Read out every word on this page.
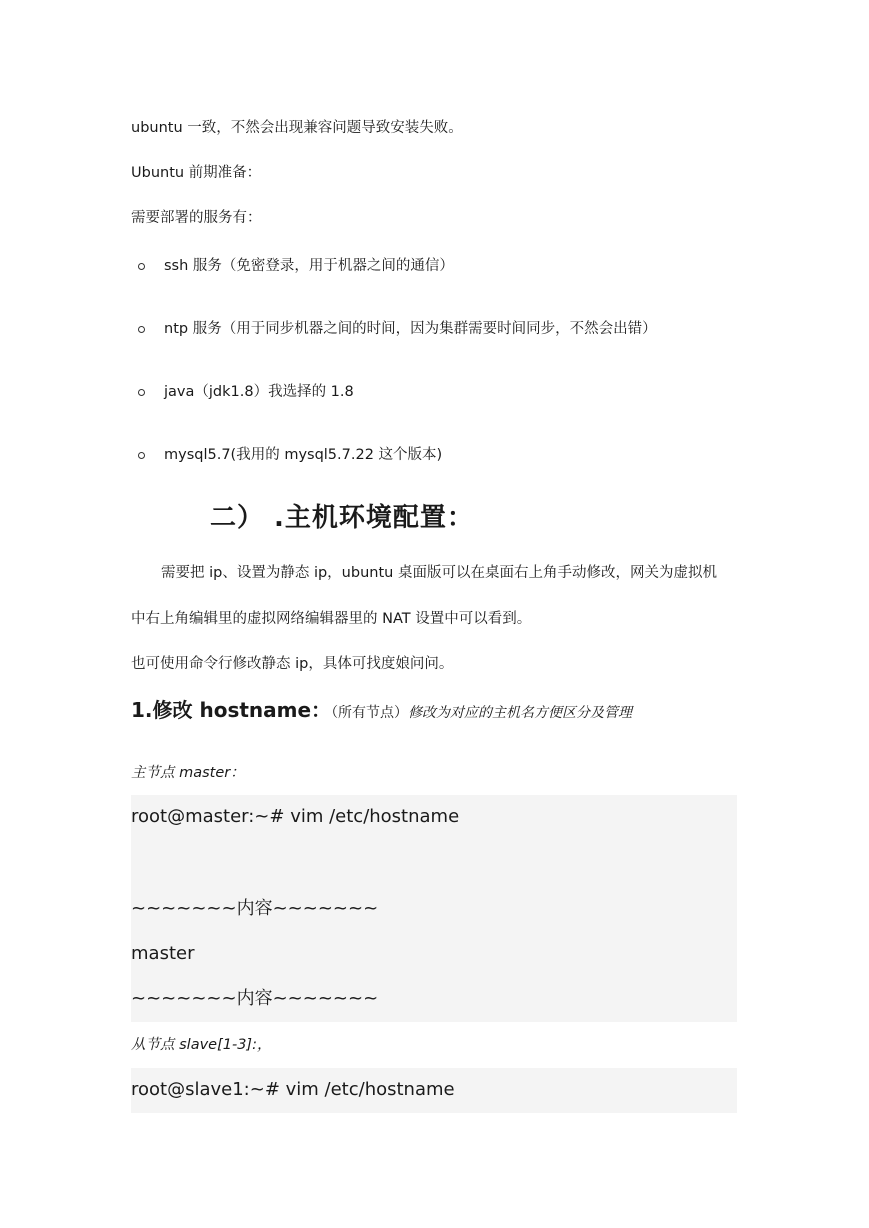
ubuntu 一致，不然会出现兼容问题导致安装失败。
Ubuntu 前期准备：
需要部署的服务有：
ssh 服务（免密登录，用于机器之间的通信）
ntp 服务（用于同步机器之间的时间，因为集群需要时间同步，不然会出错）
java（jdk1.8）我选择的 1.8
mysql5.7(我用的 mysql5.7.22 这个版本)
二） .主机环境配置：
需要把 ip、设置为静态 ip，ubuntu 桌面版可以在桌面右上角手动修改，网关为虚拟机
中右上角编辑里的虚拟网络编辑器里的 NAT 设置中可以看到。
也可使用命令行修改静态 ip，具体可找度娘问问。
1.修改 hostname：（所有节点）修改为对应的主机名方便区分及管理
主节点 master：
root@master:~# vim /etc/hostname
~~~~~~~内容~~~~~~~
master
~~~~~~~内容~~~~~~~
从节点 slave[1-3]:，
root@slave1:~# vim /etc/hostname
